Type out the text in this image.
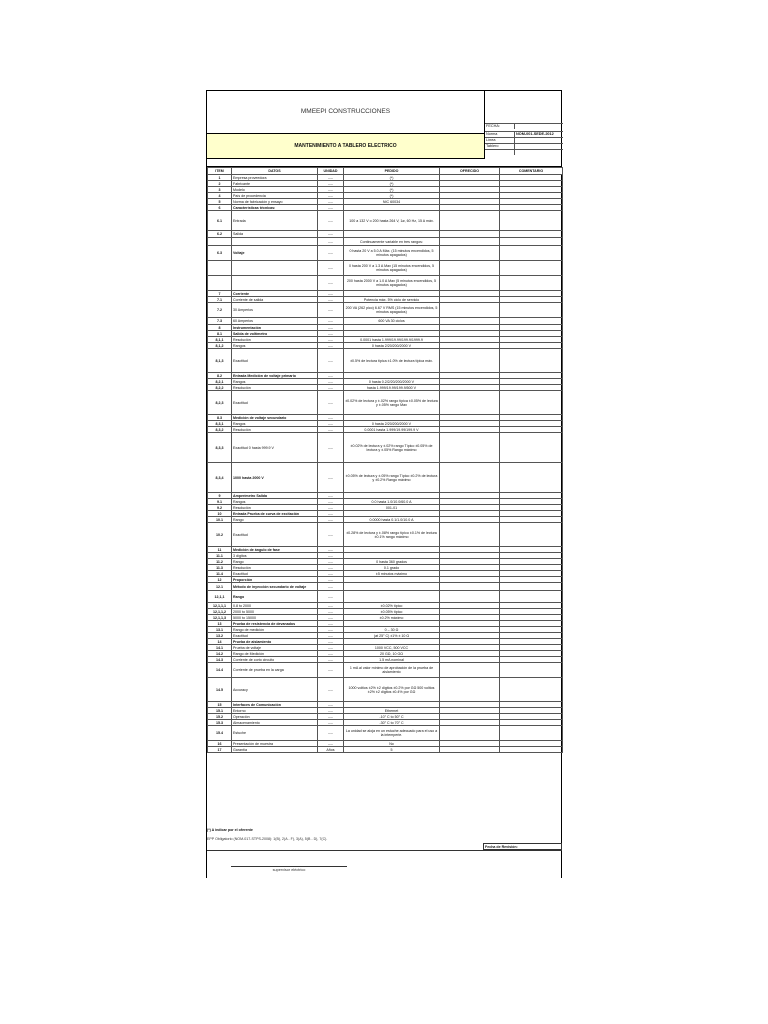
MMEEPI CONSTRUCCIONES
FECHA:
Norma	NOM-001-SEDE-2012
Línea
Tablero
MANTENIMIENTO A TABLERO ELECTRICO
ITEM	DATOS	UNIDAD	PEDIDO	OFRECIDO	COMENTARIO
1	Empresa proveedora	----	(*)		
2	Fabricante	----	(*)		
3	Modelo	----	(*)		
4	País de procedencia	----	(*)		
5	Norma de fabricación y ensayo	----	NIC 60034		
6	Características técnicas:	----			
6.1	Entrada	----	100 a 132 V o 200 hasta 264 V, 1ø, 60 Hz, 15 A máx.		
6.2	Salida	----			
		----	Continuamente variable en tres rangos:		
6.3	Voltaje	----	0 hasta 20 V a 5.0 A Máx. (15 minutos encendidos, 5 minutos apagados)		
		----	0 hasta 200 V a 1.3 A Max (15 minutos encendidos, 5 minutos apagados)		
		----	200 hasta 2000 V a 1.0 A Max (5 minutos encendidos, 5 minutos apagados)		
7	Corriente	----			
7.1	Corriente de salida	----	Potencia máx. 5% ciclo de servicio		
7.2	30 Amperios	----	200 VA (262 pico) 6.67 V RMS (15 minutos encendidos, 5 minutos apagados)		
7.3	60 Amperios	----	600 VA 30 ciclos		
8	Instrumentación	----			
8.1	Salida de voltímetro	----			
8,1,1	Resolución	----	0.0001 hasta 1.999/19.99/199.9/1999.9		
8,1,2	Rangos	----	0 hasta 2/20/200/2000 V		
8,1,3	Exactitud	----	±0.5% de lectura típica ±1.0% de lectura típica máx.		
8.2	Entrada Medición de voltaje primario	----			
8,2,1	Rangos	----	0 hasta 0.2/2/20/200/2000 V		
8,2,2	Resolución	----	hasta 1.999/19.99/199.9/500 V		
8,2,3	Exactitud	----	±0.02% de lectura y ±.02% rango típica ±0.05% de lectura y ±.05% rango Max		
8.3	Medición de voltaje secundario	----			
8,3,1	Rangos	----	0 hasta 2/20/200/2000 V		
8,3,2	Resolución	----	0.0001 hasta 1.999/19.99/199.9 V		
8,3,3	Exactitud 0 hasta 999.9 V	----	±0.02% de lectura y ±.02% rango Típico ±0.05% de lectura y ±.05% Rango máximo		
8,3,4	1000 hasta 2000 V	----	±0.05% de lectura y ±.05% rango Típico ±0.2% de lectura y ±0.2% Rango máximo		
9	Amperímetro Salida	----			
9.1	Rangos	----	0.0 hasta 1.0/10.0/60.0 A		
9.2	Resolución	----	001-01		
10	Entrada Prueba de curva de excitación	----			
10.1	Rango	----	0.0000 hasta 0.1/1.0/10.0 A		
10.2	Exactitud	----	±0.28% de lectura y ±.08% rango típico ±0.1% de lectura ±0.1% rango máximo		
11	Medición de ángulo de fase	----			
11.1	3 dígitos	----			
11.2	Rango	----	0 hasta 360 grados		
11.3	Resolución	----	0.1 grado		
11.4	Exactitud	----	±5 minutos máximo		
12	Proporción	----			
12.1	Método de inyección secundario de voltaje	----			
12,1,1	Rango	----			
12,1,1,1	0.8 to 2000	----	±0.02% típico		
12,1,1,2	2000 to 5000	----	±0.05% típico		
12,1,1,3	5000 to 15000	----	±0.2% máximo		
13	Prueba de resistencia de devanados	----			
13.1	Rango de medición	----	0 – 30 Ω		
13.2	Exactitud	----	(at 25° C) ±1% ± 10 Ω		
14	Prueba de aislamiento	----			
14.1	Prueba de voltaje	----	1000 VCC, 500 VCC		
14.2	Rango de Medición	----	20 GΩ, 10 GΩ		
14.3	Corriente de corto circuito	----	1.5 mA nominal		
14.4	Corriente de prueba en la carga	----	1 mA al valor mínimo de aprobación de la prueba de aislamiento		
14.5	Accuracy	----	1000 voltios ±2% ±2 dígitos ±0.2% por GΩ 500 voltios ±2% ±2 dígitos ±0.4% por GΩ		
15	Interfaces de Comunicación	----			
15.1	Entorno	----	Ethernet		
15.2	Operación	----	-10° C to 50° C		
15.3	Almacenamiento	----	-30° C to 70° C		
15.4	Estuche	----	La unidad se aloja en un estuche adecuado para el uso a la intemperie.		
16	Presentación de muestra	----	No		
17	Garantía	Años	5		
(*) A indicar por el oferente
EPP Obligatorio (NOM-017-STPS-2008): 1(B), 2(A - F), 3(A), 5(B - D), 7(C).
Fecha de Revisión:
supervisor eléctrico
